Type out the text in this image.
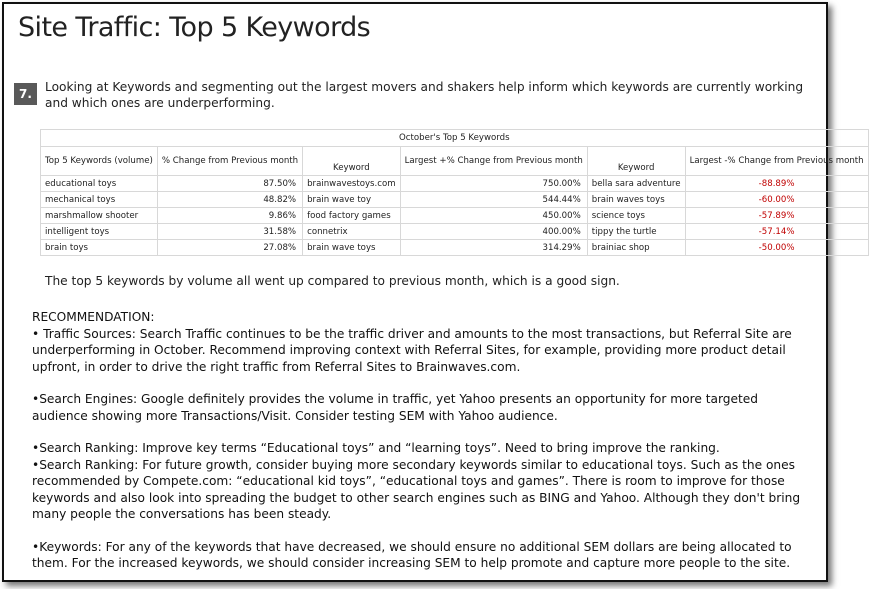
Site Traffic: Top 5 Keywords
7.	Looking at Keywords and segmenting out the largest movers and shakers help inform which keywords are currently working and which ones are underperforming.
October's Top 5 Keywords					
Top 5 Keywords (volume)	% Change from Previous month	Keyword	Largest +% Change from Previous month	Keyword	Largest -% Change from Previous month
educational toys	87.50%	brainwavestoys.com	750.00%	bella sara adventure	-88.89%
mechanical toys	48.82%	brain wave toy	544.44%	brain waves toys	-60.00%
marshmallow shooter	9.86%	food factory games	450.00%	science toys	-57.89%
intelligent toys	31.58%	connetrix	400.00%	tippy the turtle	-57.14%
brain toys	27.08%	brain wave toys	314.29%	brainiac shop	-50.00%
The top 5 keywords by volume all went up compared to previous month, which is a good sign.

RECOMMENDATION:

• Traffic Sources: Search Traffic continues to be the traffic driver and amounts to the most transactions, but Referral Site are underperforming in October. Recommend improving context with Referral Sites, for example, providing more product detail upfront, in order to drive the right traffic from Referral Sites to Brainwaves.com.

•Search Engines: Google definitely provides the volume in traffic, yet Yahoo presents an opportunity for more targeted audience showing more Transactions/Visit. Consider testing SEM with Yahoo audience.

•Search Ranking: Improve key terms “Educational toys” and “learning toys”. Need to bring improve the ranking.

•Search Ranking: For future growth, consider buying more secondary keywords similar to educational toys. Such as the ones recommended by Compete.com: “educational kid toys”, “educational toys and games”. There is room to improve for those keywords and also look into spreading the budget to other search engines such as BING and Yahoo. Although they don't bring many people the conversations has been steady.

•Keywords: For any of the keywords that have decreased, we should ensure no additional SEM dollars are being allocated to them. For the increased keywords, we should consider increasing SEM to help promote and capture more people to the site.
